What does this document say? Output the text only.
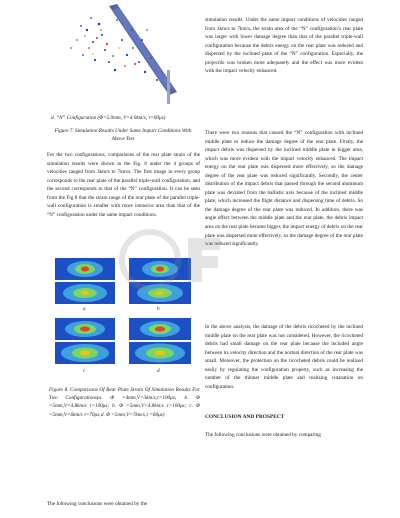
d. “N” Configuration (Φ=5.0mm, V=4.0km/s, τ=00μs)
Figure 7. Simulation Results Under Same Impact Conditions With Above Test

For the two configurations, comparisons of the rear plate strain of the simulation results were shown in the Fig. 8 under the 4 groups of velocities ranged from 3km/s to 7km/s. The first image in every group corresponds to the rear plate of the parallel triple-wall configuration, and the second corresponds to that of the “N” configuration. It can be seen from the Fig 8 that the strain range of the rear plate of the parallel triple-wall configuration is smaller with more intensive area than that of the “N” configuration under the same impact conditions.

a	b
c	d
Figure 8. Comparisons Of Rear Plate Strain Of Simulation Results For Two Configurations(a. Φ =4mm,V=3km/s,τ=100μs; b. Φ =5mm,V=4.8km/s τ=100μs; b. Φ =5mm,V=4.8km/s τ=100μs; c. Φ =5mm,V=6km/s τ=70μs;d. Φ =5mm,V=7km/s,τ =60μs)

The following conclusions were obtained by the

simulation results. Under the same impact conditions of velocities ranged from 3km/s to 7km/s, the strain area of the “N” configuration’s rear plate was larger with lower damage degree than that of the parallel triple-wall configuration because the debris energy on the rear plate was reduced and dispersed by the inclined plate of the “N” configuration. Especially, the projectile was broken more adequately and the effect was more evident with the impact velocity enhanced.

There were two reasons that caused the “N” configuration with inclined middle plate to reduce the damage degree of the rear plate. Firstly, the impact debris was dispersed by the inclined middle plate in bigger area, which was more evident with the impact velocity enhanced. The impact energy on the rear plate was dispersed more effectively, so the damage degree of the rear plate was reduced significantly. Secondly, the center distribution of the impact debris that passed through the second aluminum plate was deviated from the ballistic axis because of the inclined middle plate, which increased the flight distance and dispersing time of debris. So the damage degree of the rear plate was reduced. In addition, there was angle effect between the middle plate and the rear plate, the debris impact area on the rear plate became bigger, the impact energy of debris on the rear plate was dispersed more effectively, so the damage degree of the rear plate was reduced significantly.

In the above analysis, the damage of the debris ricocheted by the inclined middle plate on the rear plate was not considered. However, the ricocheted debris had small damage on the rear plate because the included angle between its velocity direction and the normal direction of the rear plate was small. Moreover, the protection on the ricocheted debris could be realized easily by regulating the configuration property, such as increasing the number of the thinner middle plate and realizing cutanation on configuration.

CONCLUSION AND PROSPECT

The following conclusions were obtained by comparing
